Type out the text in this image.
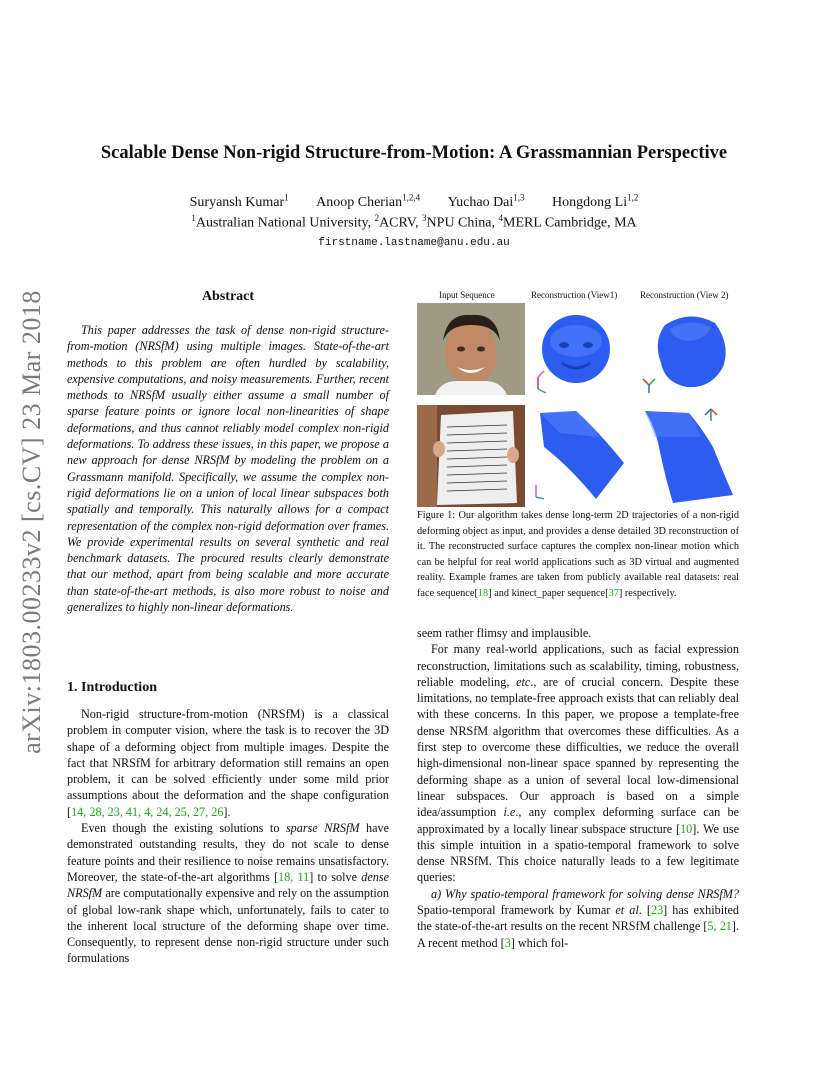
arXiv:1803.00233v2 [cs.CV] 23 Mar 2018
Scalable Dense Non-rigid Structure-from-Motion: A Grassmannian Perspective
Suryansh Kumar$^1$ Anoop Cherian$^{1,2,4}$ Yuchao Dai$^{1,3}$ Hongdong Li$^{1,2}$
$^1$Australian National University, $^2$ACRV, $^3$NPU China, $^4$MERL Cambridge, MA
firstname.lastname@anu.edu.au
Abstract

This paper addresses the task of dense non-rigid structure-from-motion (NRSfM) using multiple images. State-of-the-art methods to this problem are often hurdled by scalability, expensive computations, and noisy measurements. Further, recent methods to NRSfM usually either assume a small number of sparse feature points or ignore local non-linearities of shape deformations, and thus cannot reliably model complex non-rigid deformations. To address these issues, in this paper, we propose a new approach for dense NRSfM by modeling the problem on a Grassmann manifold. Specifically, we assume the complex non-rigid deformations lie on a union of local linear subspaces both spatially and temporally. This naturally allows for a compact representation of the complex non-rigid deformation over frames. We provide experimental results on several synthetic and real benchmark datasets. The procured results clearly demonstrate that our method, apart from being scalable and more accurate than state-of-the-art methods, is also more robust to noise and generalizes to highly non-linear deformations.

1. Introduction

Non-rigid structure-from-motion (NRSfM) is a classical problem in computer vision, where the task is to recover the 3D shape of a deforming object from multiple images. Despite the fact that NRSfM for arbitrary deformation still remains an open problem, it can be solved efficiently under some mild prior assumptions about the deformation and the shape configuration [14, 28, 23, 41, 4, 24, 25, 27, 26].

Even though the existing solutions to sparse NRSfM have demonstrated outstanding results, they do not scale to dense feature points and their resilience to noise remains unsatisfactory. Moreover, the state-of-the-art algorithms [18, 11] to solve dense NRSfM are computationally expensive and rely on the assumption of global low-rank shape which, unfortunately, fails to cater to the inherent local structure of the deforming shape over time. Consequently, to represent dense non-rigid structure under such formulations

Input Sequence	Reconstruction (View1)	Reconstruction (View 2)
Figure 1: Our algorithm takes dense long-term 2D trajectories of a non-rigid deforming object as input, and provides a dense detailed 3D reconstruction of it. The reconstructed surface captures the complex non-linear motion which can be helpful for real world applications such as 3D virtual and augmented reality. Example frames are taken from publicly available real datasets: real face sequence[18] and kinect_paper sequence[37] respectively.

seem rather flimsy and implausible.

For many real-world applications, such as facial expression reconstruction, limitations such as scalability, timing, robustness, reliable modeling, etc., are of crucial concern. Despite these limitations, no template-free approach exists that can reliably deal with these concerns. In this paper, we propose a template-free dense NRSfM algorithm that overcomes these difficulties. As a first step to overcome these difficulties, we reduce the overall high-dimensional non-linear space spanned by representing the deforming shape as a union of several local low-dimensional linear subspaces. Our approach is based on a simple idea/assumption i.e., any complex deforming surface can be approximated by a locally linear subspace structure [10]. We use this simple intuition in a spatio-temporal framework to solve dense NRSfM. This choice naturally leads to a few legitimate queries:

a) Why spatio-temporal framework for solving dense NRSfM? Spatio-temporal framework by Kumar et al. [23] has exhibited the state-of-the-art results on the recent NRSfM challenge [5, 21]. A recent method [3] which fol-
